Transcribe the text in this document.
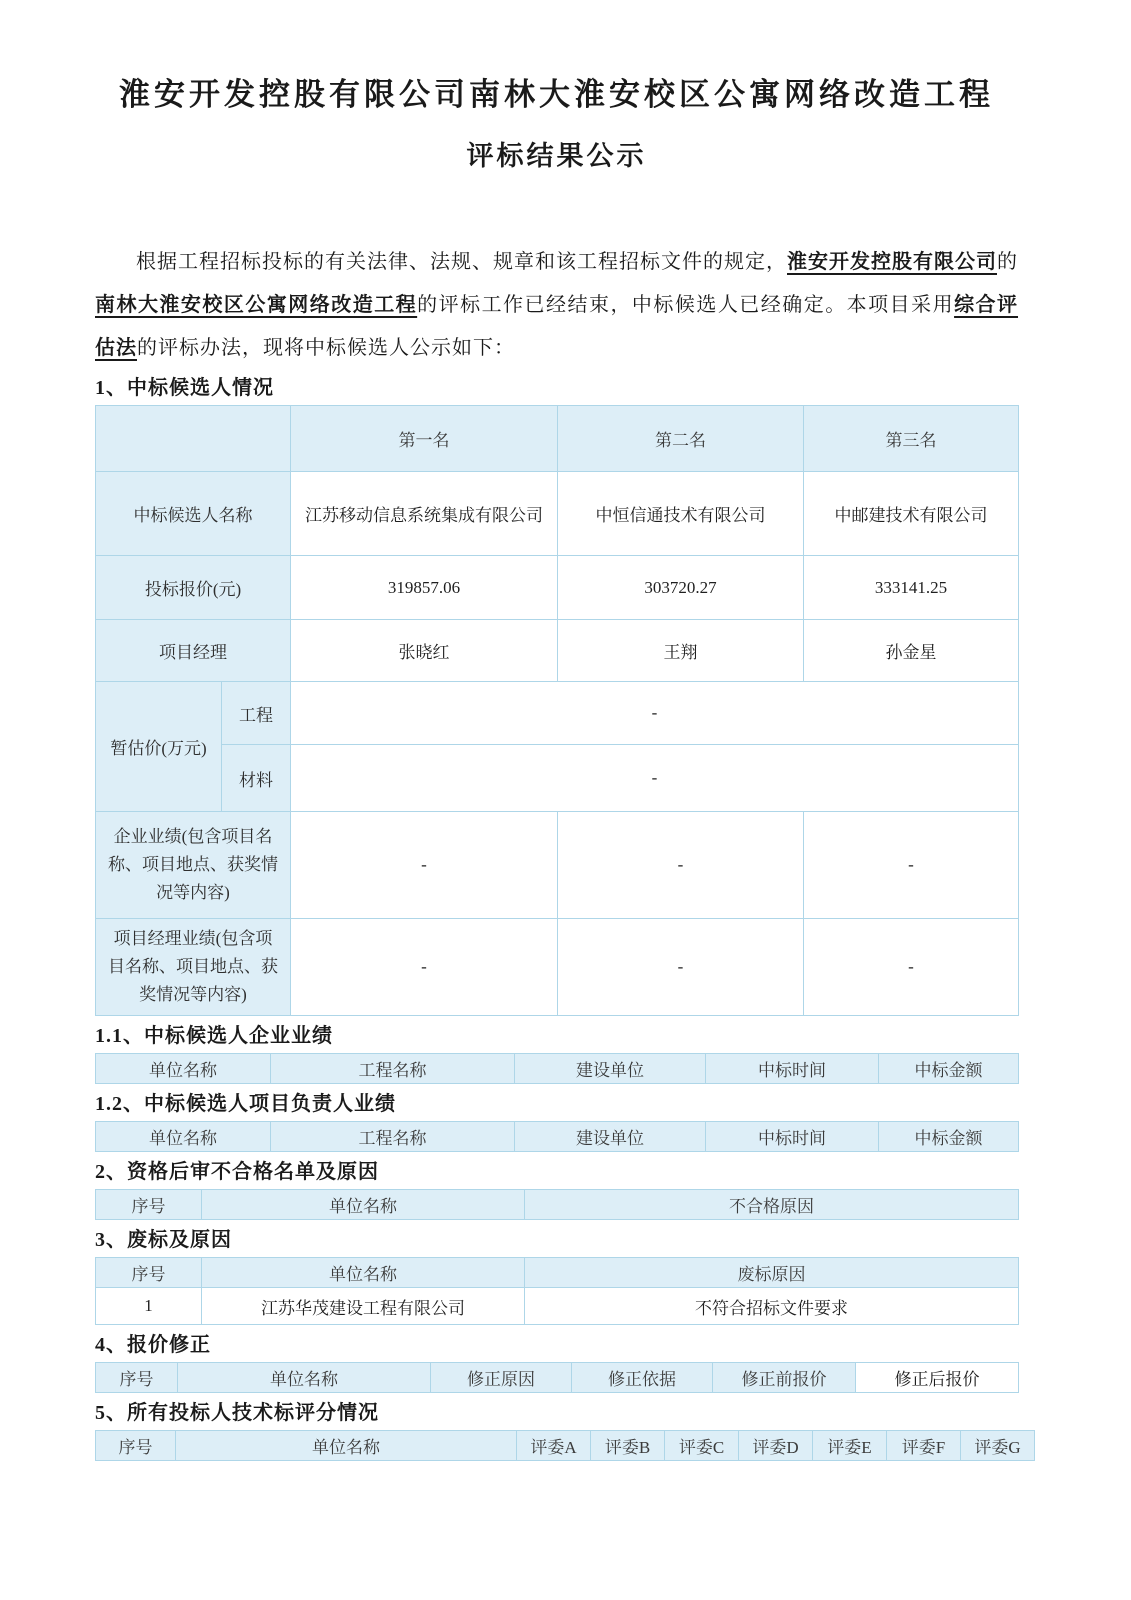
淮安开发控股有限公司南林大淮安校区公寓网络改造工程
评标结果公示

根据工程招标投标的有关法律、法规、规章和该工程招标文件的规定，淮安开发控股有限公司的南林大淮安校区公寓网络改造工程的评标工作已经结束，中标候选人已经确定。本项目采用综合评估法的评标办法，现将中标候选人公示如下：

1、中标候选人情况
		第一名	第二名	第三名
中标候选人名称		江苏移动信息系统集成有限公司	中恒信通技术有限公司	中邮建技术有限公司
投标报价(元)		319857.06	303720.27	333141.25
项目经理		张晓红	王翔	孙金星
暂估价(万元)	工程	-		
	材料	-		
企业业绩(包含项目名称、项目地点、获奖情况等内容)		-	-	-
项目经理业绩(包含项目名称、项目地点、获奖情况等内容)		-	-	-
1.1、中标候选人企业业绩
单位名称	工程名称	建设单位	中标时间	中标金额
1.2、中标候选人项目负责人业绩
单位名称	工程名称	建设单位	中标时间	中标金额
2、资格后审不合格名单及原因
序号	单位名称	不合格原因
3、废标及原因
序号	单位名称	废标原因
1	江苏华茂建设工程有限公司	不符合招标文件要求
4、报价修正
序号	单位名称	修正原因	修正依据	修正前报价	修正后报价
5、所有投标人技术标评分情况
序号	单位名称	评委A	评委B	评委C	评委D	评委E	评委F	评委G
